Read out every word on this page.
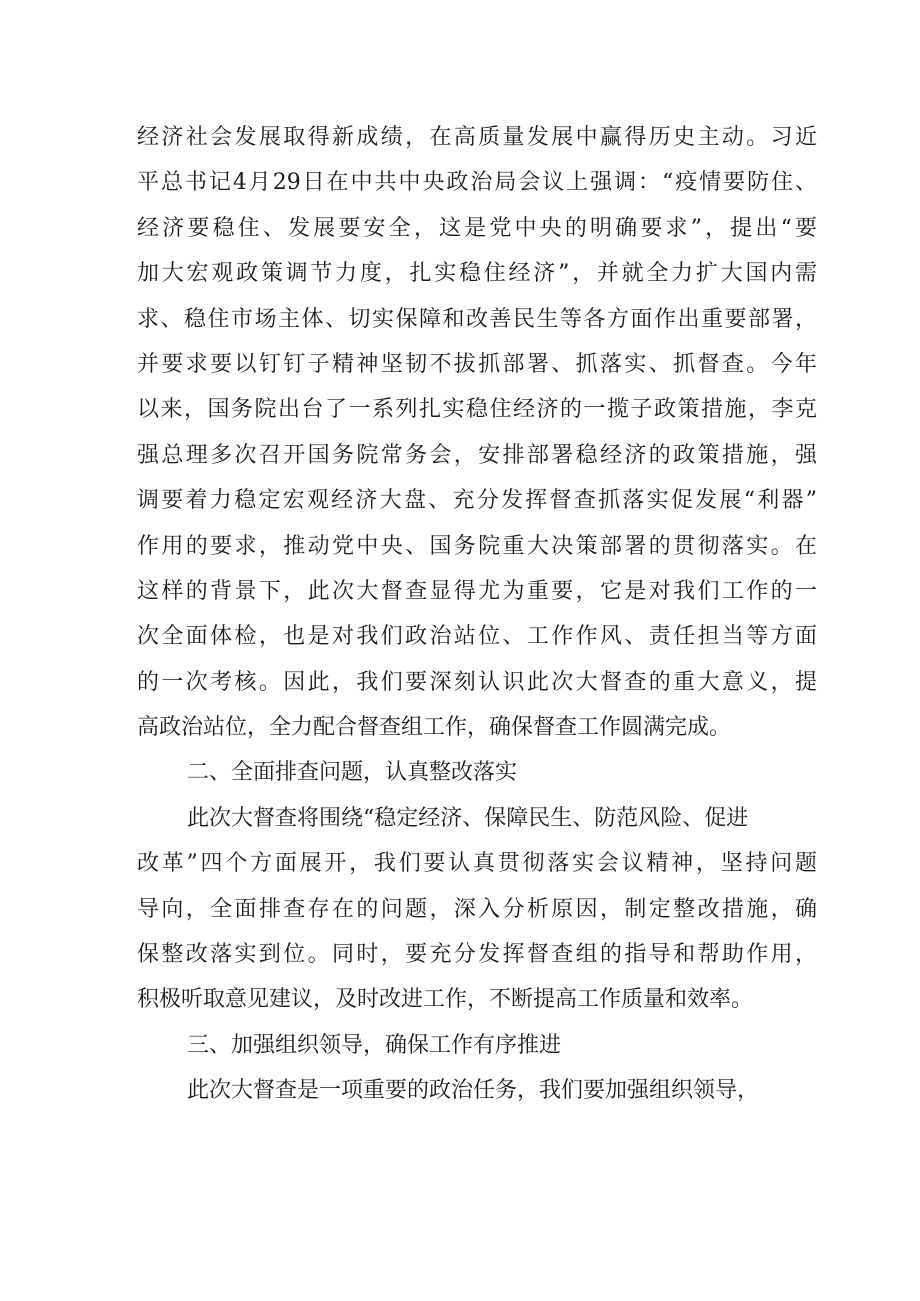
经济社会发展取得新成绩，在高质量发展中赢得历史主动。习近
平总书记4月29日在中共中央政治局会议上强调：“疫情要防住、
经济要稳住、发展要安全，这是党中央的明确要求”，提出“要
加大宏观政策调节力度，扎实稳住经济”，并就全力扩大国内需
求、稳住市场主体、切实保障和改善民生等各方面作出重要部署，
并要求要以钉钉子精神坚韧不拔抓部署、抓落实、抓督查。今年
以来，国务院出台了一系列扎实稳住经济的一揽子政策措施，李克
强总理多次召开国务院常务会，安排部署稳经济的政策措施，强
调要着力稳定宏观经济大盘、充分发挥督查抓落实促发展“利器”
作用的要求，推动党中央、国务院重大决策部署的贯彻落实。在
这样的背景下，此次大督查显得尤为重要，它是对我们工作的一
次全面体检，也是对我们政治站位、工作作风、责任担当等方面
的一次考核。因此，我们要深刻认识此次大督查的重大意义，提
高政治站位，全力配合督查组工作，确保督查工作圆满完成。
二、全面排查问题，认真整改落实
此次大督查将围绕“稳定经济、保障民生、防范风险、促进
改革”四个方面展开，我们要认真贯彻落实会议精神，坚持问题
导向，全面排查存在的问题，深入分析原因，制定整改措施，确
保整改落实到位。同时，要充分发挥督查组的指导和帮助作用，
积极听取意见建议，及时改进工作，不断提高工作质量和效率。
三、加强组织领导，确保工作有序推进
此次大督查是一项重要的政治任务，我们要加强组织领导，
